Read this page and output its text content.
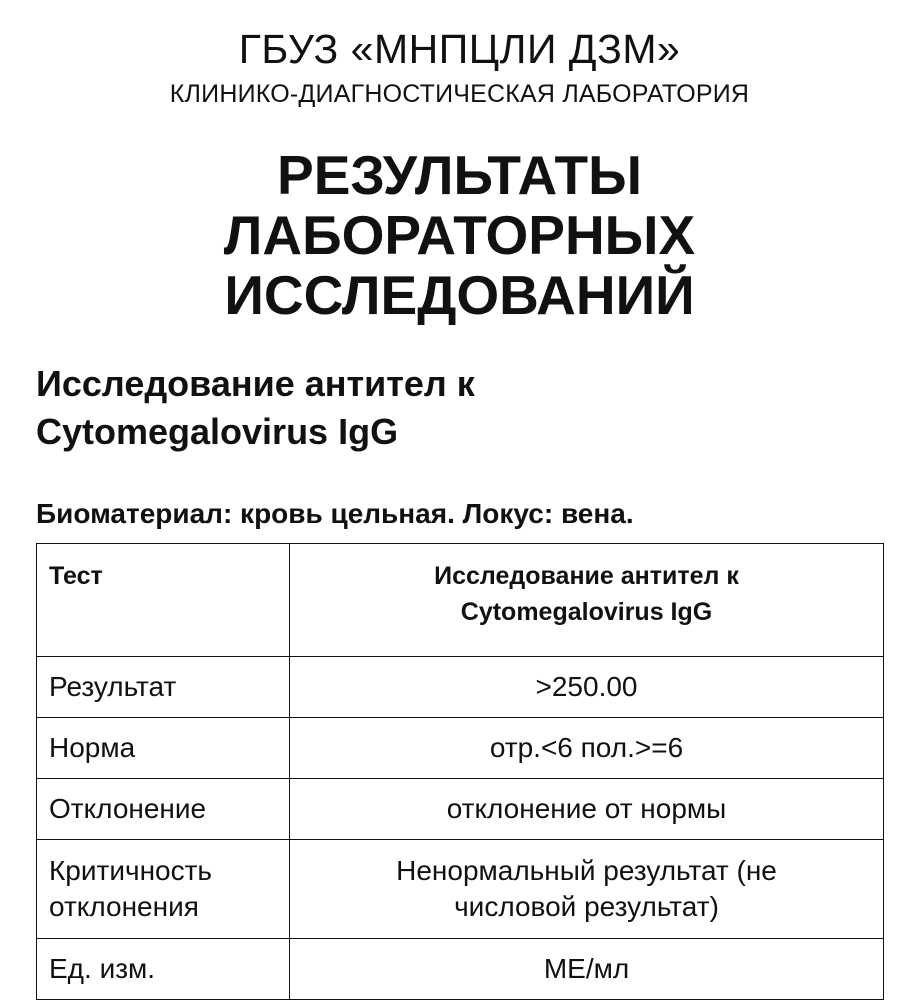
ГБУЗ «МНПЦЛИ ДЗМ»
КЛИНИКО-ДИАГНОСТИЧЕСКАЯ ЛАБОРАТОРИЯ
РЕЗУЛЬТАТЫ
ЛАБОРАТОРНЫХ
ИССЛЕДОВАНИЙ
Исследование антител к
Cytomegalovirus IgG
Биоматериал: кровь цельная. Локус: вена.
Тест	Исследование антител к
Cytomegalovirus IgG

Результат	>250.00
Норма	отр.<6 пол.>=6
Отклонение	отклонение от нормы

Критичность
отклонения	Ненормальный результат (не
числовой результат)

Ед. изм.	МЕ/мл
